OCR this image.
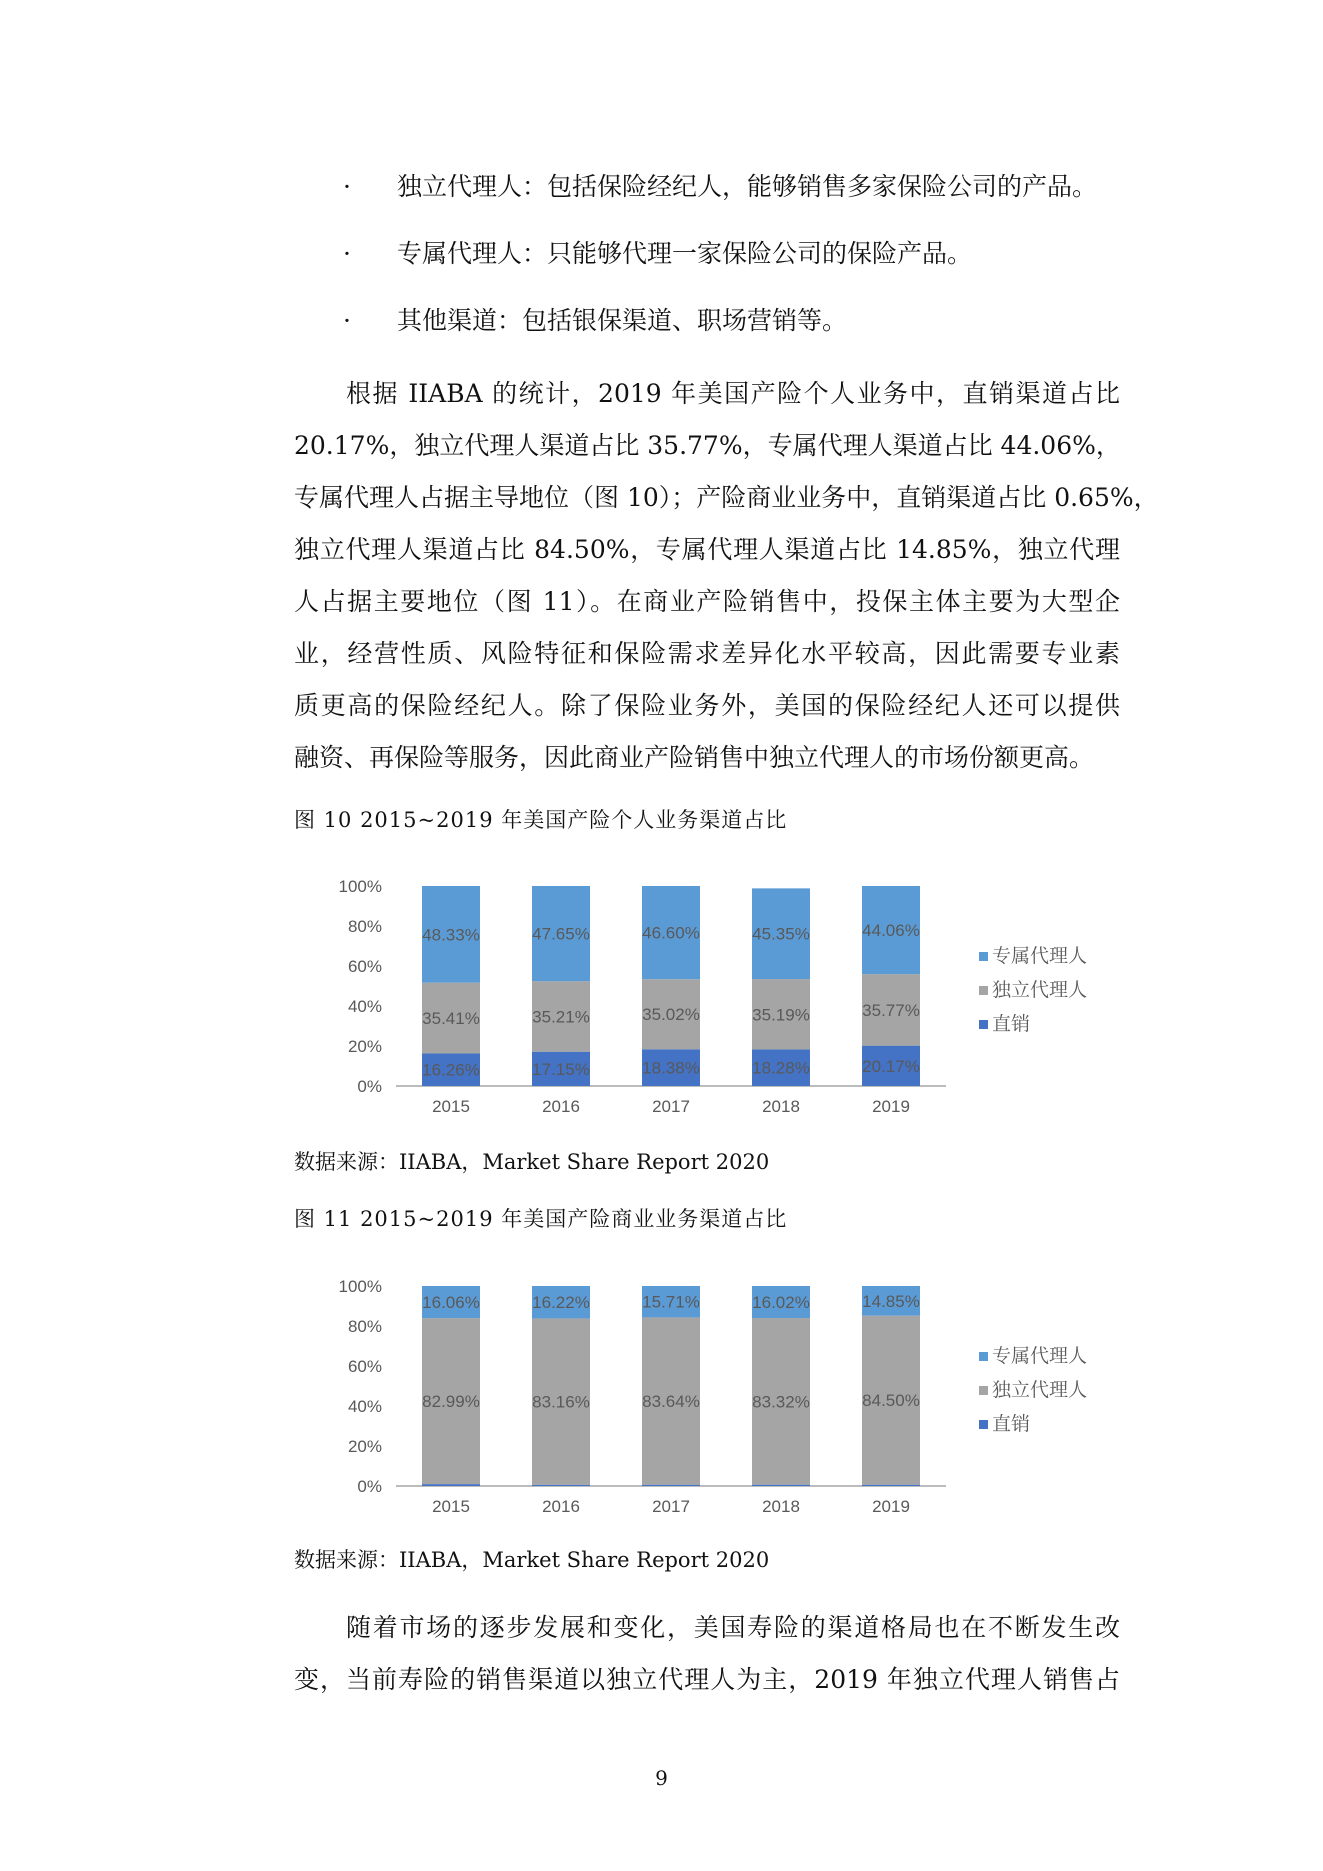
· 独立代理人：包括保险经纪人，能够销售多家保险公司的产品。
· 专属代理人：只能够代理一家保险公司的保险产品。
· 其他渠道：包括银保渠道、职场营销等。
根据 IIABA 的统计，2019 年美国产险个人业务中，直销渠道占比
20.17%，独立代理人渠道占比 35.77%，专属代理人渠道占比 44.06%，
专属代理人占据主导地位（图 10）；产险商业业务中，直销渠道占比 0.65%，
独立代理人渠道占比 84.50%，专属代理人渠道占比 14.85%，独立代理
人占据主要地位（图 11）。在商业产险销售中，投保主体主要为大型企
业，经营性质、风险特征和保险需求差异化水平较高，因此需要专业素
质更高的保险经纪人。除了保险业务外，美国的保险经纪人还可以提供
融资、再保险等服务，因此商业产险销售中独立代理人的市场份额更高。
图 10 2015~2019 年美国产险个人业务渠道占比
0%
20%
40%
60%
80%
100%
16.26%
35.41%
48.33%
2015
17.15%
35.21%
47.65%
2016
18.38%
35.02%
46.60%
2017
18.28%
35.19%
45.35%
2018
20.17%
35.77%
44.06%
2019
专属代理人
独立代理人
直销
数据来源：IIABA，Market Share Report 2020
图 11 2015~2019 年美国产险商业业务渠道占比
0%
20%
40%
60%
80%
100%
82.99%
16.06%
2015
83.16%
16.22%
2016
83.64%
15.71%
2017
83.32%
16.02%
2018
84.50%
14.85%
2019
专属代理人
独立代理人
直销
数据来源：IIABA，Market Share Report 2020
随着市场的逐步发展和变化，美国寿险的渠道格局也在不断发生改
变，当前寿险的销售渠道以独立代理人为主，2019 年独立代理人销售占
9
